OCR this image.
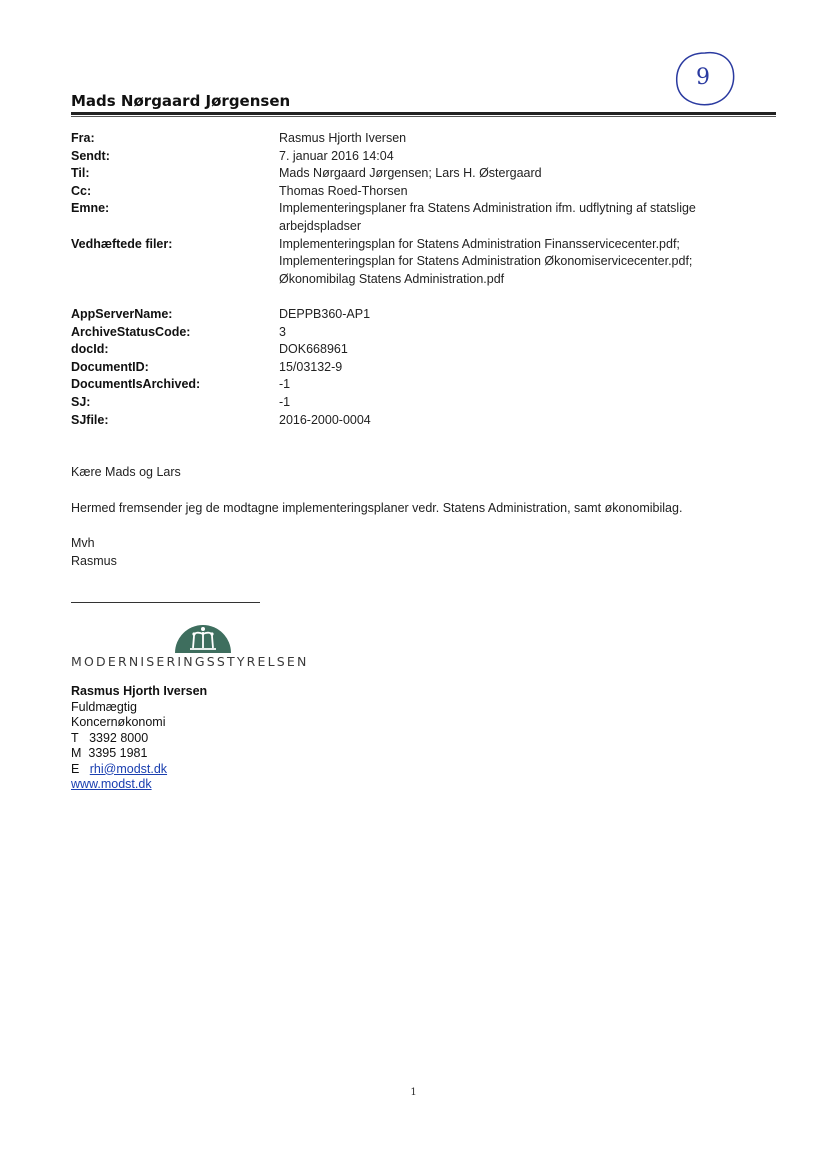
Mads Nørgaard Jørgensen
9
Fra:	Rasmus Hjorth Iversen
Sendt:	7. januar 2016 14:04
Til:	Mads Nørgaard Jørgensen; Lars H. Østergaard
Cc:	Thomas Roed-Thorsen
Emne:	Implementeringsplaner fra Statens Administration ifm. udflytning af statslige
arbejdspladser
Vedhæftede filer:	Implementeringsplan for Statens Administration Finansservicecenter.pdf;
Implementeringsplan for Statens Administration Økonomiservicecenter.pdf;
Økonomibilag Statens Administration.pdf
AppServerName:	DEPPB360-AP1
ArchiveStatusCode:	3
docId:	DOK668961
DocumentID:	15/03132-9
DocumentIsArchived:	-1
SJ:	-1
SJfile:	2016-2000-0004

Kære Mads og Lars

Hermed fremsender jeg de modtagne implementeringsplaner vedr. Statens Administration, samt økonomibilag.

Mvh

Rasmus

MODERNISERINGSSTYRELSEN
Rasmus Hjorth Iversen
Fuldmægtig
Koncernøkonomi
T 3392 8000
M 3395 1981
E rhi@modst.dk
www.modst.dk
1
